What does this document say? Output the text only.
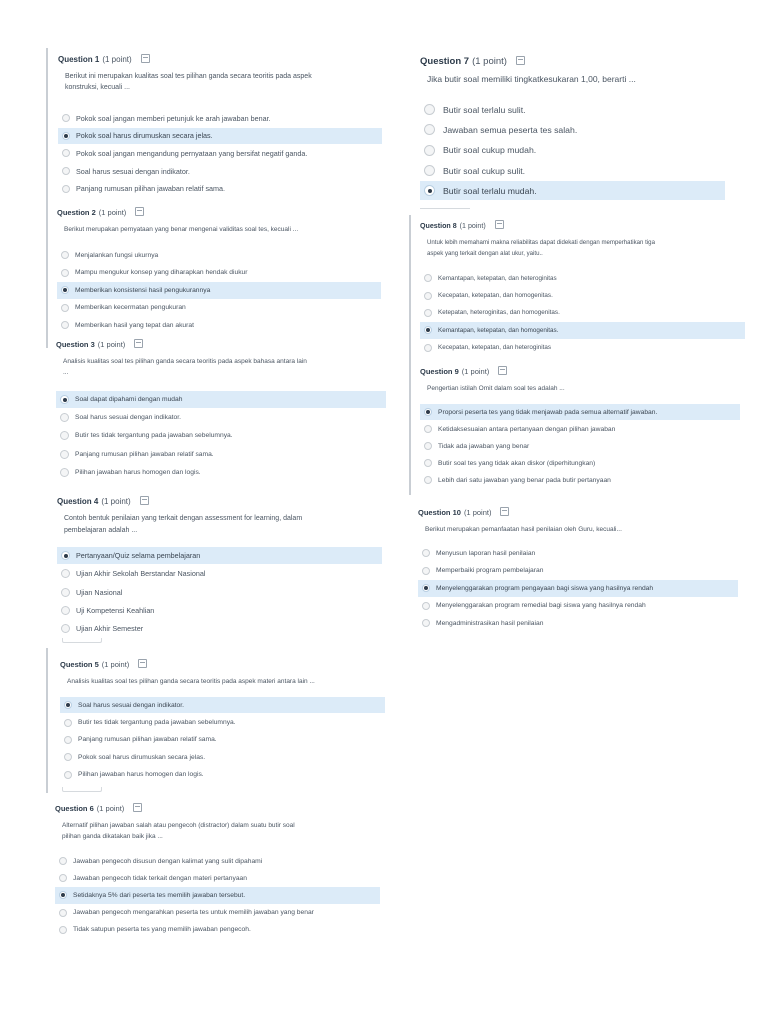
Question 1 (1 point)
Berikut ini merupakan kualitas soal tes pilihan ganda secara teoritis pada aspek
konstruksi, kecuali ...
Pokok soal jangan memberi petunjuk ke arah jawaban benar.
Pokok soal harus dirumuskan secara jelas.
Pokok soal jangan mengandung pernyataan yang bersifat negatif ganda.
Soal harus sesuai dengan indikator.
Panjang rumusan pilihan jawaban relatif sama.
Question 2 (1 point)
Berikut merupakan pernyataan yang benar mengenai validitas soal tes, kecuali ...
Menjalankan fungsi ukurnya
Mampu mengukur konsep yang diharapkan hendak diukur
Memberikan konsistensi hasil pengukurannya
Memberikan kecermatan pengukuran
Memberikan hasil yang tepat dan akurat
Question 3 (1 point)
Analisis kualitas soal tes pilihan ganda secara teoritis pada aspek bahasa antara lain
...
Soal dapat dipahami dengan mudah
Soal harus sesuai dengan indikator.
Butir tes tidak tergantung pada jawaban sebelumnya.
Panjang rumusan pilihan jawaban relatif sama.
Pilihan jawaban harus homogen dan logis.
Question 4 (1 point)
Contoh bentuk penilaian yang terkait dengan assessment for learning, dalam
pembelajaran adalah ...
Pertanyaan/Quiz selama pembelajaran
Ujian Akhir Sekolah Berstandar Nasional
Ujian Nasional
Uji Kompetensi Keahlian
Ujian Akhir Semester
Question 5 (1 point)
Analisis kualitas soal tes pilihan ganda secara teoritis pada aspek materi antara lain ...
Soal harus sesuai dengan indikator.
Butir tes tidak tergantung pada jawaban sebelumnya.
Panjang rumusan pilihan jawaban relatif sama.
Pokok soal harus dirumuskan secara jelas.
Pilihan jawaban harus homogen dan logis.
Question 6 (1 point)
Alternatif pilihan jawaban salah atau pengecoh (distractor) dalam suatu butir soal
pilihan ganda dikatakan baik jika ...
Jawaban pengecoh disusun dengan kalimat yang sulit dipahami
Jawaban pengecoh tidak terkait dengan materi pertanyaan
Setidaknya 5% dari peserta tes memilih jawaban tersebut.
Jawaban pengecoh mengarahkan peserta tes untuk memilih jawaban yang benar
Tidak satupun peserta tes yang memilih jawaban pengecoh.
Question 7 (1 point)
Jika butir soal memiliki tingkatkesukaran 1,00, berarti ...
Butir soal terlalu sulit.
Jawaban semua peserta tes salah.
Butir soal cukup mudah.
Butir soal cukup sulit.
Butir soal terlalu mudah.
Question 8 (1 point)
Untuk lebih memahami makna reliabilitas dapat didekati dengan memperhatikan tiga
aspek yang terkait dengan alat ukur, yaitu..
Kemantapan, ketepatan, dan heteroginitas
Kecepatan, ketepatan, dan homogenitas.
Ketepatan, heteroginitas, dan homogenitas.
Kemantapan, ketepatan, dan homogenitas.
Kecepatan, ketepatan, dan heteroginitas
Question 9 (1 point)
Pengertian istilah Omit dalam soal tes adalah ...
Proporsi peserta tes yang tidak menjawab pada semua alternatif jawaban.
Ketidaksesuaian antara pertanyaan dengan pilihan jawaban
Tidak ada jawaban yang benar
Butir soal tes yang tidak akan diskor (diperhitungkan)
Lebih dari satu jawaban yang benar pada butir pertanyaan
Question 10 (1 point)
Berikut merupakan pemanfaatan hasil penilaian oleh Guru, kecuali...
Menyusun laporan hasil penilaian
Memperbaiki program pembelajaran
Menyelenggarakan program pengayaan bagi siswa yang hasilnya rendah
Menyelenggarakan program remedial bagi siswa yang hasilnya rendah
Mengadministrasikan hasil penilaian
